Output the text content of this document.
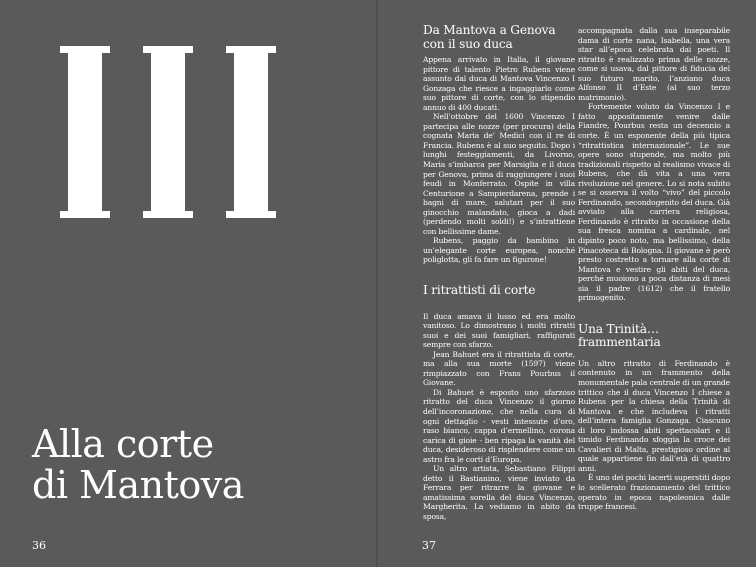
Alla corte
di Mantova
36
Da Mantova a Genova con il suo duca

Appena arrivato in Italia, il giovane pittore di talento Pietro Rubens viene assunto dal duca di Mantova Vincenzo I Gonzaga che riesce a ingaggiarlo come suo pittore di corte, con lo stipendio annuo di 400 ducati.

Nell’ottobre del 1600 Vincenzo I partecipa alle nozze (per procura) della cognata Maria de’ Medici con il re di Francia. Rubens è al suo seguito. Dopo i lunghi festeggiamenti, da Livorno, Maria s’imbarca per Marsiglia e il duca per Genova, prima di raggiungere i suoi feudi in Monferrato. Ospite in villa Centurione a Sampierdarena, prende i bagni di mare, salutari per il suo ginocchio malandato, gioca a dadi (perdendo molti soldi!) e s’intrattiene con bellissime dame.

Rubens, paggio da bambino in un’elegante corte europea, nonché poliglotta, gli fa fare un figurone!

I ritrattisti di corte

Il duca amava il lusso ed era molto vanitoso. Lo dimostrano i molti ritratti suoi e dei suoi famigliari, raffigurati sempre con sfarzo.

Jean Bahuet era il ritrattista di corte, ma alla sua morte (1597) viene rimpiazzato con Frans Pourbus il Giovane.

Di Bahuet è esposto uno sfarzoso ritratto del duca Vincenzo il giorno dell’incoronazione, che nella cura di ogni dettaglio - vesti intessute d’oro, raso bianco, cappa d’ermellino, corona carica di gioie - ben ripaga la vanità del duca, desideroso di risplendere come un astro fra le corti d’Europa.

Un altro artista, Sebastiano Filippi detto il Bastianino, viene inviato da Ferrara per ritrarre la giovane e amatissima sorella del duca Vincenzo, Margherita. La vediamo in abito da sposa,

accompagnata dalla sua inseparabile dama di corte nana, Isabella, una vera star all’epoca celebrata dai poeti. Il ritratto è realizzato prima delle nozze, come si usava, dal pittore di fiducia del suo futuro marito, l’anziano duca Alfonso II d’Este (al suo terzo matrimonio).

Fortemente voluto da Vincenzo I e fatto appositamente venire dalle Fiandre, Pourbus resta un decennio a corte. È un esponente della più tipica “ritrattistica internazionale”. Le sue opere sono stupende, ma molto più tradizionali rispetto al realismo vivace di Rubens, che dà vita a una vera rivoluzione nel genere. Lo si nota subito se si osserva il volto “vivo” del piccolo Ferdinando, secondogenito del duca. Già avviato alla carriera religiosa, Ferdinando è ritratto in occasione della sua fresca nomina a cardinale, nel dipinto poco noto, ma bellissimo, della Pinacoteca di Bologna. Il giovane è però presto costretto a tornare alla corte di Mantova e vestire gli abiti del duca, perché muoiono a poca distanza di mesi sia il padre (1612) che il fratello primogenito.

Una Trinità… frammentaria

Un altro ritratto di Ferdinando è contenuto in un frammento della monumentale pala centrale di un grande trittico che il duca Vincenzo I chiese a Rubens per la chiesa della Trinità di Mantova e che includeva i ritratti dell’intera famiglia Gonzaga. Ciascuno di loro indossa abiti spettacolari e il timido Ferdinando sfoggia la croce dei Cavalieri di Malta, prestigioso ordine al quale appartiene fin dall’età di quattro anni.

È uno dei pochi lacerti superstiti dopo lo scellerato frazionamento del trittico operato in epoca napoleonica dalle truppe francesi.

37
